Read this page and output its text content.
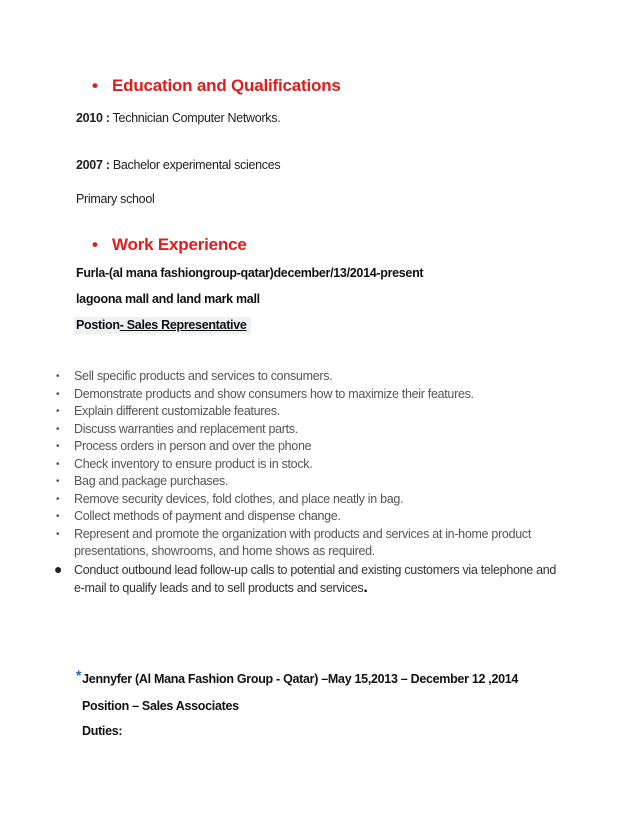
• Education and Qualifications
2010 : Technician Computer Networks.
2007 : Bachelor experimental sciences
Primary school
• Work Experience
Furla-(al mana fashiongroup-qatar)december/13/2014-present
lagoona mall and land mark mall
Postion- Sales Representative
• Sell specific products and services to consumers.
• Demonstrate products and show consumers how to maximize their features.
• Explain different customizable features.
• Discuss warranties and replacement parts.
• Process orders in person and over the phone
• Check inventory to ensure product is in stock.
• Bag and package purchases.
• Remove security devices, fold clothes, and place neatly in bag.
• Collect methods of payment and dispense change.
• Represent and promote the organization with products and services at in-home product presentations, showrooms, and home shows as required.
● Conduct outbound lead follow-up calls to potential and existing customers via telephone and e-mail to qualify leads and to sell products and services.
*Jennyfer (Al Mana Fashion Group - Qatar) –May 15,2013 – December 12 ,2014
Position – Sales Associates
Duties:
